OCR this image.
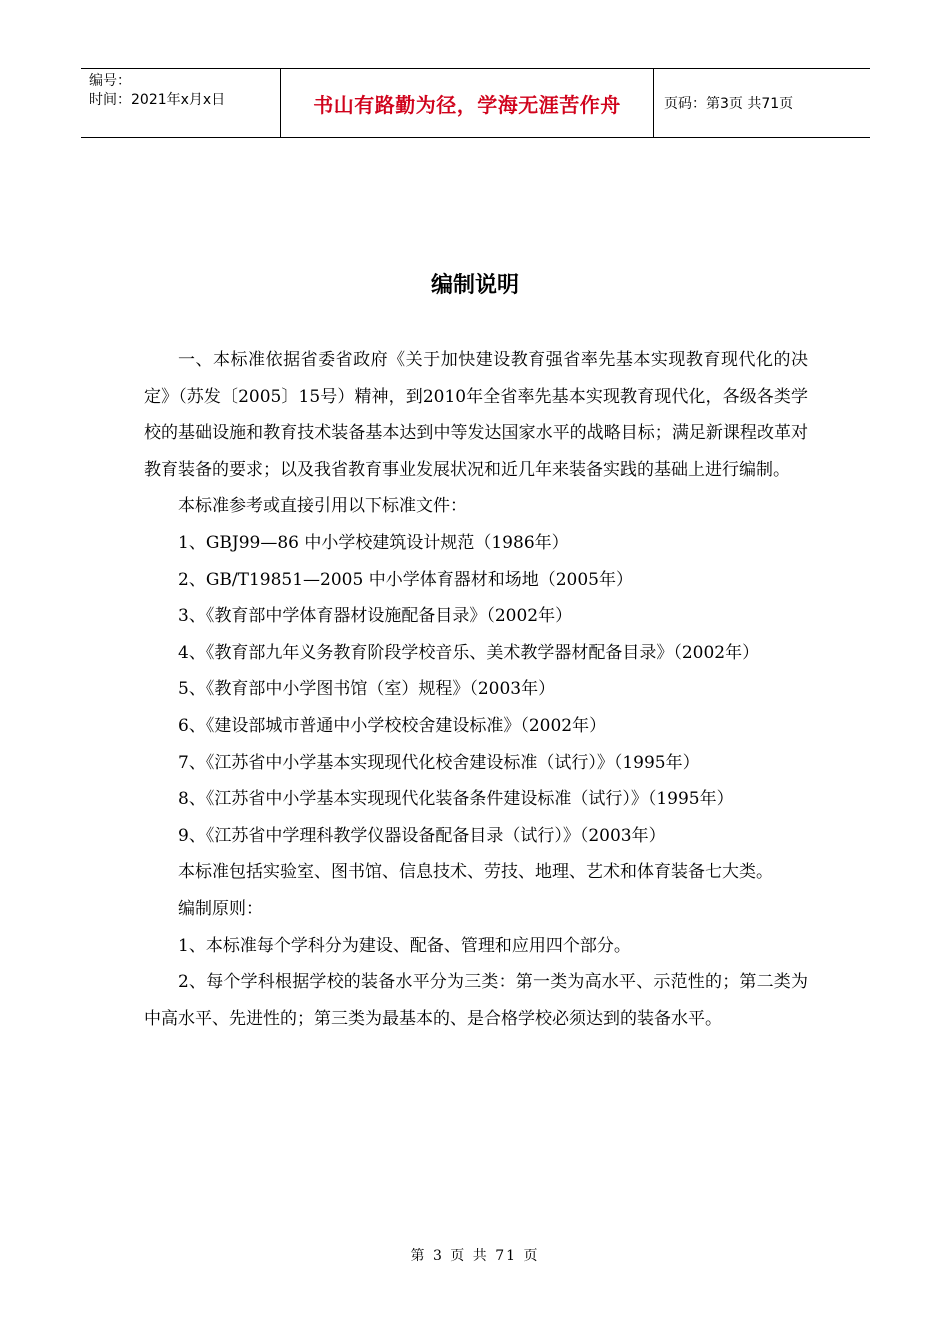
编号：
时间：2021年x月x日	书山有路勤为径，学海无涯苦作舟	页码：第3页 共71页
编制说明

一、本标准依据省委省政府《关于加快建设教育强省率先基本实现教育现代化的决定》（苏发〔2005〕15号）精神，到2010年全省率先基本实现教育现代化，各级各类学校的基础设施和教育技术装备基本达到中等发达国家水平的战略目标；满足新课程改革对教育装备的要求；以及我省教育事业发展状况和近几年来装备实践的基础上进行编制。

本标准参考或直接引用以下标准文件：

1、GBJ99—86 中小学校建筑设计规范（1986年）

2、GB/T19851—2005 中小学体育器材和场地（2005年）

3、《教育部中学体育器材设施配备目录》（2002年）

4、《教育部九年义务教育阶段学校音乐、美术教学器材配备目录》（2002年）

5、《教育部中小学图书馆（室）规程》（2003年）

6、《建设部城市普通中小学校校舍建设标准》（2002年）

7、《江苏省中小学基本实现现代化校舍建设标准（试行）》（1995年）

8、《江苏省中小学基本实现现代化装备条件建设标准（试行）》（1995年）

9、《江苏省中学理科教学仪器设备配备目录（试行）》（2003年）

本标准包括实验室、图书馆、信息技术、劳技、地理、艺术和体育装备七大类。

编制原则：

1、本标准每个学科分为建设、配备、管理和应用四个部分。

2、每个学科根据学校的装备水平分为三类：第一类为高水平、示范性的；第二类为中高水平、先进性的；第三类为最基本的、是合格学校必须达到的装备水平。

第 3 页 共 71 页
